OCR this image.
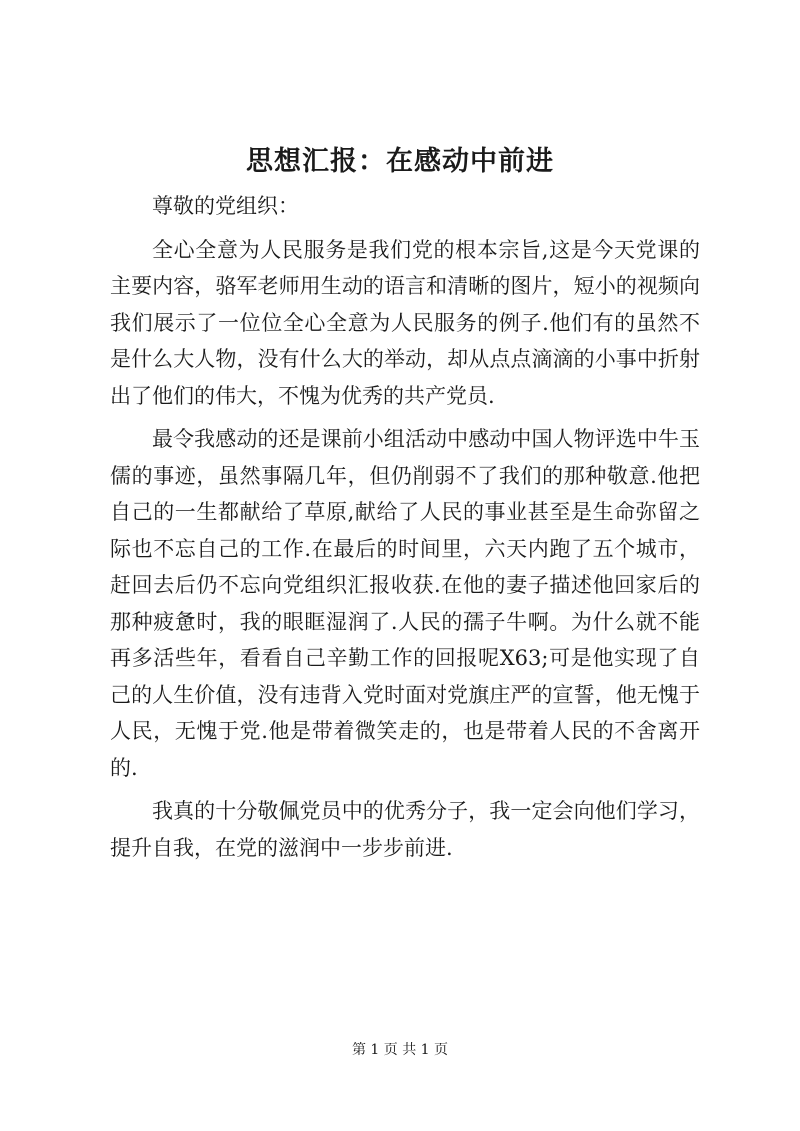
思想汇报：在感动中前进

尊敬的党组织：

全心全意为人民服务是我们党的根本宗旨,这是今天党课的主要内容，骆军老师用生动的语言和清晰的图片，短小的视频向我们展示了一位位全心全意为人民服务的例子.他们有的虽然不是什么大人物，没有什么大的举动，却从点点滴滴的小事中折射出了他们的伟大，不愧为优秀的共产党员.

最令我感动的还是课前小组活动中感动中国人物评选中牛玉儒的事迹，虽然事隔几年，但仍削弱不了我们的那种敬意.他把自己的一生都献给了草原,献给了人民的事业甚至是生命弥留之际也不忘自己的工作.在最后的时间里，六天内跑了五个城市，赶回去后仍不忘向党组织汇报收获.在他的妻子描述他回家后的那种疲惫时，我的眼眶湿润了.人民的孺子牛啊。为什么就不能再多活些年，看看自己辛勤工作的回报呢X63;可是他实现了自己的人生价值，没有违背入党时面对党旗庄严的宣誓，他无愧于人民，无愧于党.他是带着微笑走的，也是带着人民的不舍离开的.

我真的十分敬佩党员中的优秀分子，我一定会向他们学习，提升自我，在党的滋润中一步步前进.

第 1 页 共 1 页
